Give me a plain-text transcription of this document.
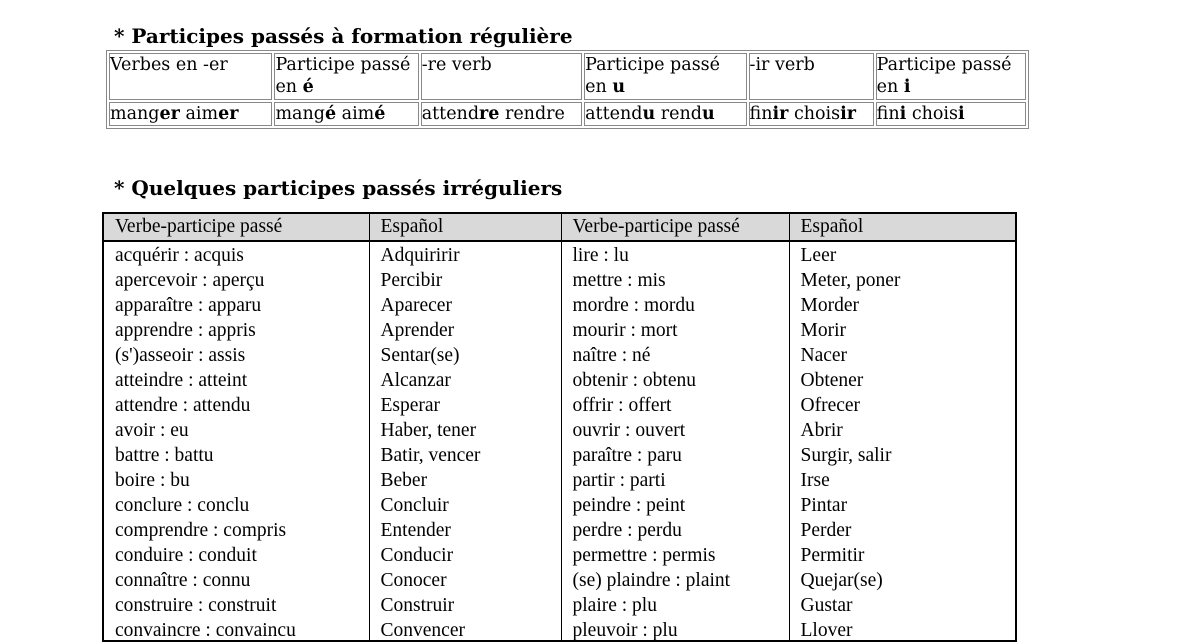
* Participes passés à formation régulière
Verbes en -er	Participe passé en é	-re verb	Participe passé en u	-ir verb	Participe passé en i
manger aimer	mangé aimé	attendre rendre	attendu rendu	finir choisir	fini choisi
* Quelques participes passés irréguliers
Verbe-participe passé	Español	Verbe-participe passé	Español
acquérir : acquis	Adquiririr	lire : lu	Leer
apercevoir : aperçu	Percibir	mettre : mis	Meter, poner
apparaître : apparu	Aparecer	mordre : mordu	Morder
apprendre : appris	Aprender	mourir : mort	Morir
(s')asseoir : assis	Sentar(se)	naître : né	Nacer
atteindre : atteint	Alcanzar	obtenir : obtenu	Obtener
attendre : attendu	Esperar	offrir : offert	Ofrecer
avoir : eu	Haber, tener	ouvrir : ouvert	Abrir
battre : battu	Batir, vencer	paraître : paru	Surgir, salir
boire : bu	Beber	partir : parti	Irse
conclure : conclu	Concluir	peindre : peint	Pintar
comprendre : compris	Entender	perdre : perdu	Perder
conduire : conduit	Conducir	permettre : permis	Permitir
connaître : connu	Conocer	(se) plaindre : plaint	Quejar(se)
construire : construit	Construir	plaire : plu	Gustar
convaincre : convaincu	Convencer	pleuvoir : plu	Llover
